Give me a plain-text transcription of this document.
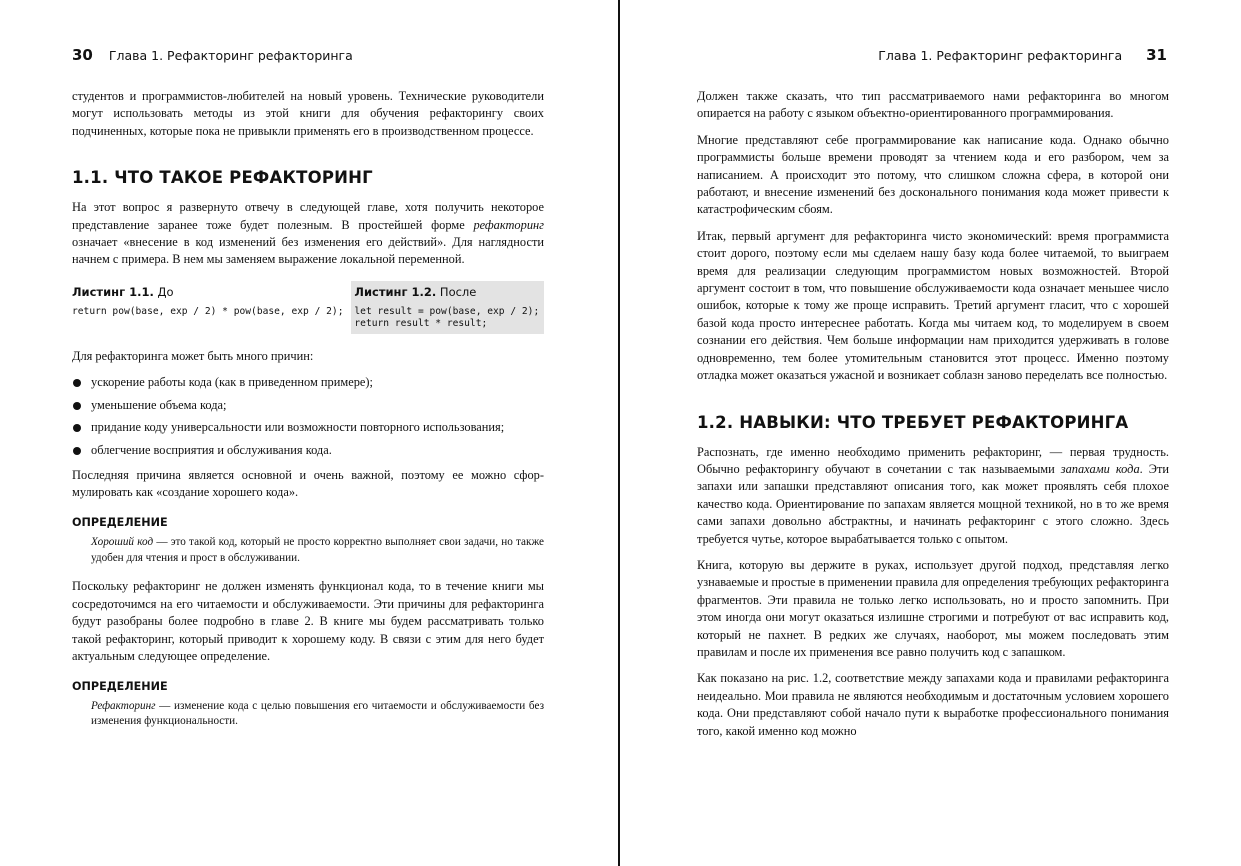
30 Глава 1. Рефакторинг рефакторинга	Глава 1. Рефакторинг рефакторинга 31

студентов и программистов-любителей на новый уровень. Технические руководители могут использовать методы из этой книги для обучения рефакторингу своих подчиненных, которые пока не привыкли применять его в производственном процессе.

1.1. ЧТО ТАКОЕ РЕФАКТОРИНГ

На этот вопрос я развернуто отвечу в следующей главе, хотя получить некоторое представление заранее тоже будет полезным. В простейшей форме рефакторинг означает «внесение в код изменений без изменения его действий». Для наглядности начнем с примера. В нем мы заменяем выражение локальной переменной.

Листинг 1.1. До
return pow(base, exp / 2) * pow(base, exp / 2);
Листинг 1.2. После
let result = pow(base, exp / 2);
return result * result;

Для рефакторинга может быть много причин:

ускорение работы кода (как в приведенном примере);
уменьшение объема кода;
придание коду универсальности или возможности повторного использования;
облегчение восприятия и обслуживания кода.

Последняя причина является основной и очень важной, поэтому ее можно сформулировать как «создание хорошего кода».

ОПРЕДЕЛЕНИЕ
Хороший код — это такой код, который не просто корректно выполняет свои задачи, но также удобен для чтения и прост в обслуживании.

Поскольку рефакторинг не должен изменять функционал кода, то в течение книги мы сосредоточимся на его читаемости и обслуживаемости. Эти причины для рефакторинга будут разобраны более подробно в главе 2. В книге мы будем рассматривать только такой рефакторинг, который приводит к хорошему коду. В связи с этим для него будет актуальным следующее определение.

ОПРЕДЕЛЕНИЕ
Рефакторинг — изменение кода с целью повышения его читаемости и обслуживаемости без изменения функциональности.

Должен также сказать, что тип рассматриваемого нами рефакторинга во многом опирается на работу с языком объектно-ориентированного программирования.

Многие представляют себе программирование как написание кода. Однако обычно программисты больше времени проводят за чтением кода и его разбором, чем за написанием. А происходит это потому, что слишком сложна сфера, в которой они работают, и внесение изменений без досконального понимания кода может привести к катастрофическим сбоям.

Итак, первый аргумент для рефакторинга чисто экономический: время программиста стоит дорого, поэтому если мы сделаем нашу базу кода более читаемой, то выиграем время для реализации следующим программистом новых возможностей. Второй аргумент состоит в том, что повышение обслуживаемости кода означает меньшее число ошибок, которые к тому же проще исправить. Третий аргумент гласит, что с хорошей базой кода просто интереснее работать. Когда мы читаем код, то моделируем в своем сознании его действия. Чем больше информации нам приходится удерживать в голове одновременно, тем более утомительным становится этот процесс. Именно поэтому отладка может оказаться ужасной и возникает соблазн заново переделать все полностью.

1.2. НАВЫКИ: ЧТО ТРЕБУЕТ РЕФАКТОРИНГА

Распознать, где именно необходимо применить рефакторинг, — первая трудность. Обычно рефакторингу обучают в сочетании с так называемыми запахами кода. Эти запахи или запашки представляют описания того, как может проявлять себя плохое качество кода. Ориентирование по запахам является мощной техникой, но в то же время сами запахи довольно абстрактны, и начинать рефакторинг с этого сложно. Здесь требуется чутье, которое вырабатывается только с опытом.

Книга, которую вы держите в руках, использует другой подход, представляя легко узнаваемые и простые в применении правила для определения требующих рефакторинга фрагментов. Эти правила не только легко использовать, но и просто запомнить. При этом иногда они могут оказаться излишне строгими и потребуют от вас исправить код, который не пахнет. В редких же случаях, наоборот, мы можем последовать этим правилам и после их применения все равно получить код с запашком.

Как показано на рис. 1.2, соответствие между запахами кода и правилами рефакторинга неидеально. Мои правила не являются необходимым и достаточным условием хорошего кода. Они представляют собой начало пути к выработке профессионального понимания того, какой именно код можно
